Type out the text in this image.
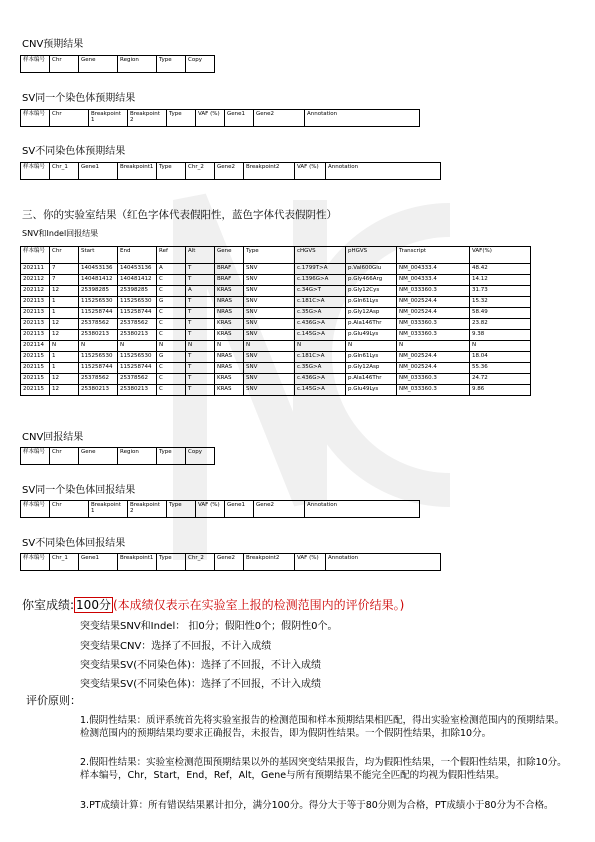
CNV预期结果
样本编号	Chr	Gene	Region	Type	Copy
SV同一个染色体预期结果
样本编号	Chr	Breakpoint 1	Breakpoint 2	Type	VAF (%)	Gene1	Gene2	Annotation
SV不同染色体预期结果
样本编号	Chr_1	Gene1	Breakpoint1	Type	Chr_2	Gene2	Breakpoint2	VAF (%)	Annotation
三、你的实验室结果（红色字体代表假阳性，蓝色字体代表假阴性）
SNV和Indel回报结果
样本编号	Chr	Start	End	Ref	Alt	Gene	Type	cHGVS	pHGVS	Transcript	VAF(%)
202111	7	140453136	140453136	A	T	BRAF	SNV	c.1799T>A	p.Val600Glu	NM_004333.4	48.42
202112	7	140481412	140481412	C	T	BRAF	SNV	c.1396G>A	p.Gly466Arg	NM_004333.4	14.12
202112	12	25398285	25398285	C	A	KRAS	SNV	c.34G>T	p.Gly12Cys	NM_033360.3	31.73
202113	1	115256530	115256530	G	T	NRAS	SNV	c.181C>A	p.Gln61Lys	NM_002524.4	15.32
202113	1	115258744	115258744	C	T	NRAS	SNV	c.35G>A	p.Gly12Asp	NM_002524.4	58.49
202113	12	25378562	25378562	C	T	KRAS	SNV	c.436G>A	p.Ala146Thr	NM_033360.3	23.82
202113	12	25380213	25380213	C	T	KRAS	SNV	c.145G>A	p.Glu49Lys	NM_033360.3	9.38
202114	N	N	N	N	N	N	N	N	N	N	N
202115	1	115256530	115256530	G	T	NRAS	SNV	c.181C>A	p.Gln61Lys	NM_002524.4	18.04
202115	1	115258744	115258744	C	T	NRAS	SNV	c.35G>A	p.Gly12Asp	NM_002524.4	55.36
202115	12	25378562	25378562	C	T	KRAS	SNV	c.436G>A	p.Ala146Thr	NM_033360.3	24.72
202115	12	25380213	25380213	C	T	KRAS	SNV	c.145G>A	p.Glu49Lys	NM_033360.3	9.86
CNV回报结果
样本编号	Chr	Gene	Region	Type	Copy
SV同一个染色体回报结果
样本编号	Chr	Breakpoint 1	Breakpoint 2	Type	VAF (%)	Gene1	Gene2	Annotation
SV不同染色体回报结果
样本编号	Chr_1	Gene1	Breakpoint1	Type	Chr_2	Gene2	Breakpoint2	VAF (%)	Annotation
你室成绩: 100分 (本成绩仅表示在实验室上报的检测范围内的评价结果。)
突变结果SNV和Indel： 扣0分；假阳性0个；假阴性0个。
突变结果CNV：选择了不回报，不计入成绩
突变结果SV(不同染色体)：选择了不回报，不计入成绩
突变结果SV(不同染色体)：选择了不回报，不计入成绩
评价原则：
1.假阴性结果：质评系统首先将实验室报告的检测范围和样本预期结果相匹配，得出实验室检测范围内的预期结果。检测范围内的预期结果均要求正确报告，未报告，即为假阴性结果。一个假阴性结果，扣除10分。
2.假阳性结果：实验室检测范围预期结果以外的基因突变结果报告，均为假阳性结果，一个假阳性结果，扣除10分。样本编号，Chr，Start，End，Ref，Alt，Gene与所有预期结果不能完全匹配的均视为假阳性结果。
3.PT成绩计算：所有错误结果累计扣分，满分100分。得分大于等于80分则为合格，PT成绩小于80分为不合格。
